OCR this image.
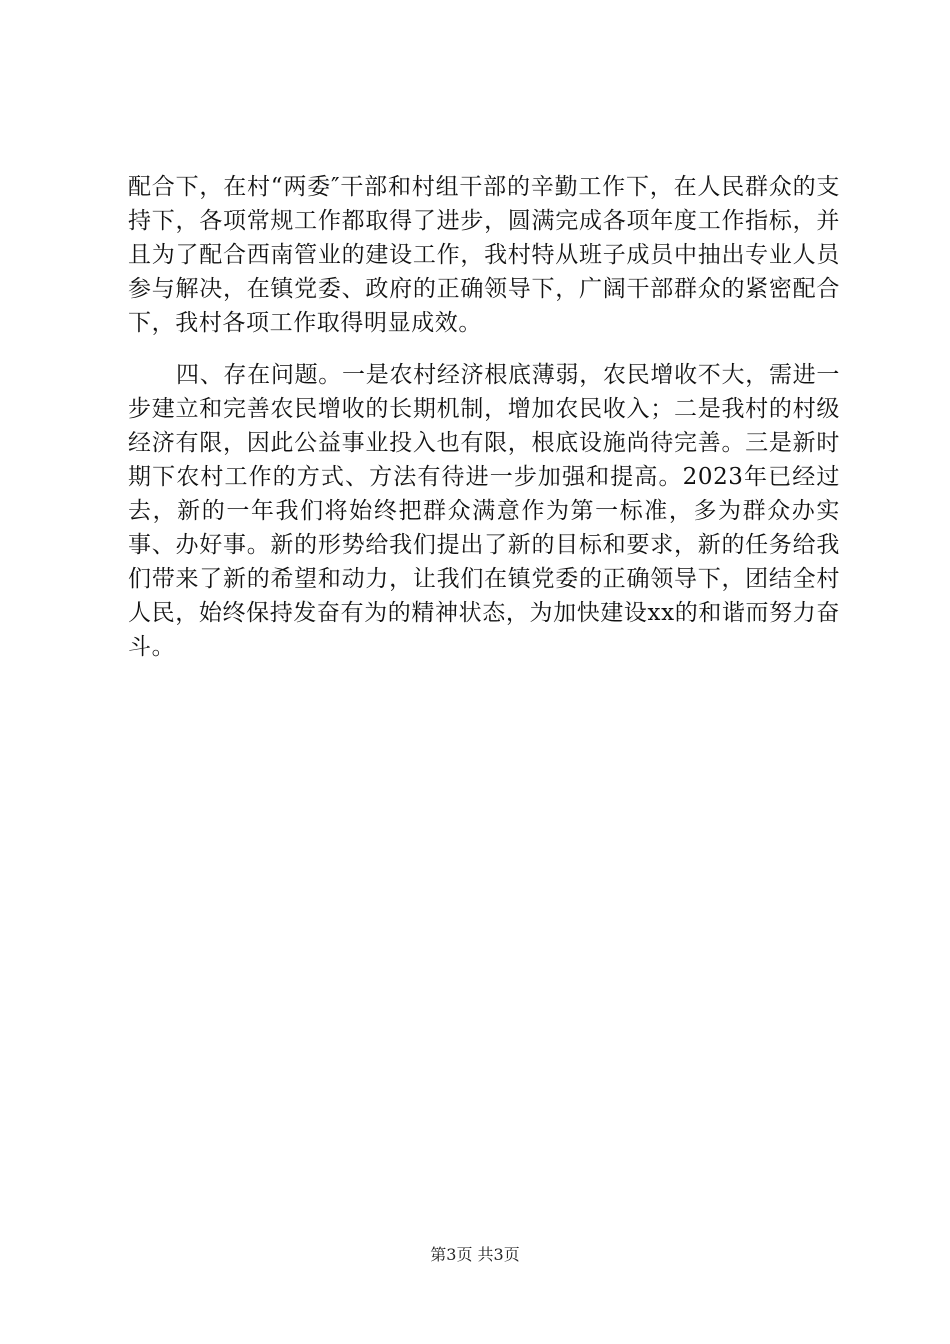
配合下，在村“两委″干部和村组干部的辛勤工作下，在人民群众的支持下，各项常规工作都取得了进步，圆满完成各项年度工作指标，并且为了配合西南管业的建设工作，我村特从班子成员中抽出专业人员参与解决，在镇党委、政府的正确领导下，广阔干部群众的紧密配合下，我村各项工作取得明显成效。

四、存在问题。一是农村经济根底薄弱，农民增收不大，需进一步建立和完善农民增收的长期机制，增加农民收入；二是我村的村级经济有限，因此公益事业投入也有限，根底设施尚待完善。三是新时期下农村工作的方式、方法有待进一步加强和提高。2023年已经过去，新的一年我们将始终把群众满意作为第一标准，多为群众办实事、办好事。新的形势给我们提出了新的目标和要求，新的任务给我们带来了新的希望和动力，让我们在镇党委的正确领导下，团结全村人民，始终保持发奋有为的精神状态，为加快建设xx的和谐而努力奋斗。

第3页 共3页
